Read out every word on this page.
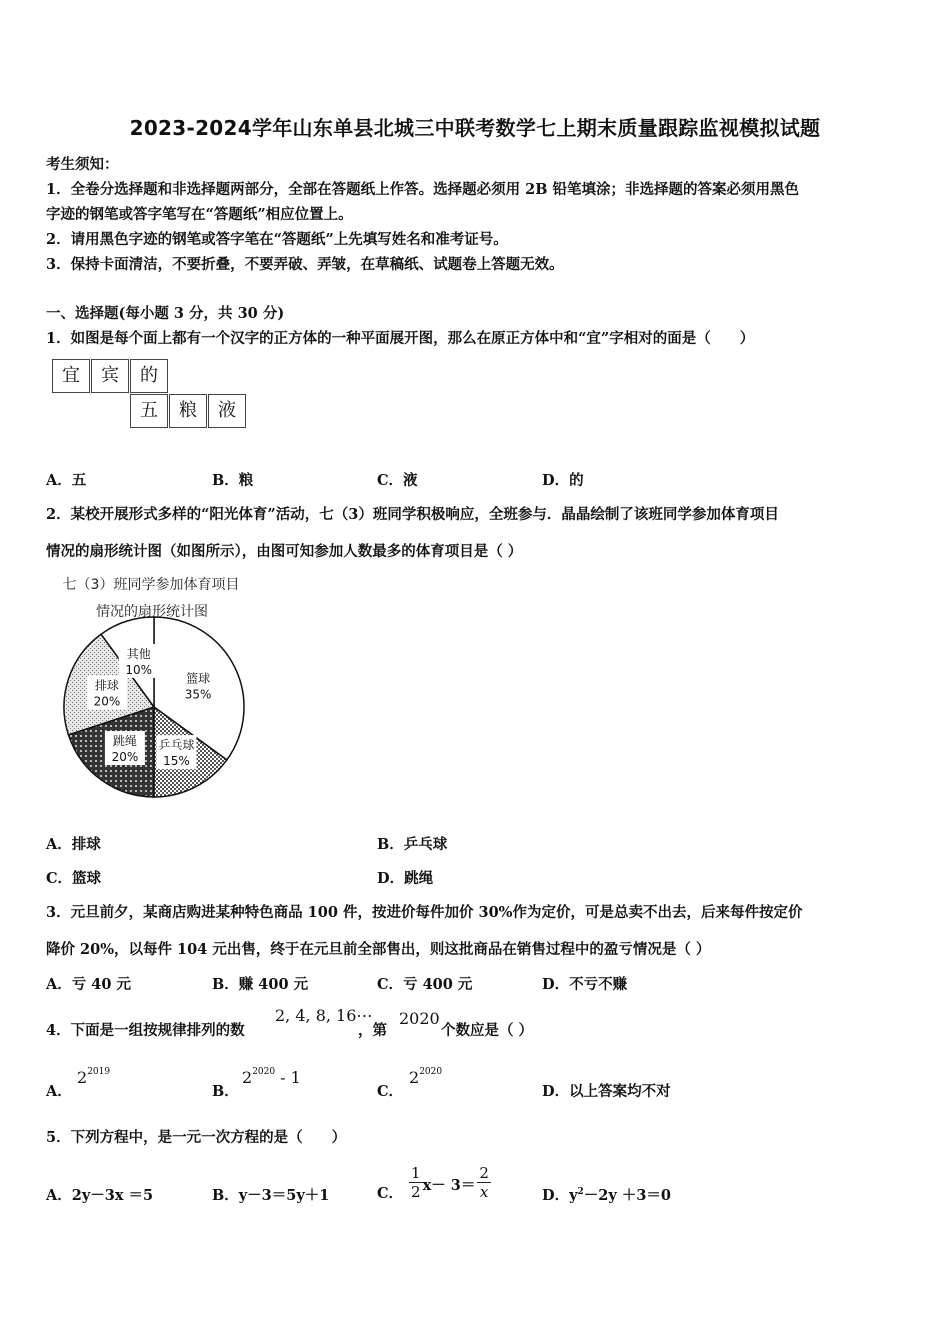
2023-2024学年山东单县北城三中联考数学七上期末质量跟踪监视模拟试题
考生须知：
1．全卷分选择题和非选择题两部分，全部在答题纸上作答。选择题必须用 2B 铅笔填涂；非选择题的答案必须用黑色
字迹的钢笔或答字笔写在“答题纸”相应位置上。
2．请用黑色字迹的钢笔或答字笔在“答题纸”上先填写姓名和准考证号。
3．保持卡面清洁，不要折叠，不要弄破、弄皱，在草稿纸、试题卷上答题无效。
一、选择题(每小题 3 分，共 30 分)
1．如图是每个面上都有一个汉字的正方体的一种平面展开图，那么在原正方体中和“宜”字相对的面是（　　）
宜	宾	的
五	粮	液
A．五	B．粮	C．液	D．的
2．某校开展形式多样的“阳光体育”活动，七（3）班同学积极响应，全班参与．晶晶绘制了该班同学参加体育项目
情况的扇形统计图（如图所示），由图可知参加人数最多的体育项目是（ ）
七（3）班同学参加体育项目
情况的扇形统计图
篮球
35%
乒乓球
15%
跳绳
20%
排球
20%
其他
10%
A．排球	B．乒乓球
C．篮球	D．跳绳
3．元旦前夕，某商店购进某种特色商品 100 件，按进价每件加价 30%作为定价，可是总卖不出去，后来每件按定价
降价 20%，以每件 104 元出售，终于在元旦前全部售出，则这批商品在销售过程中的盈亏情况是（ ）
A．亏 40 元	B．赚 400 元	C．亏 400 元	D．不亏不赚
4．下面是一组按规律排列的数
2, 4, 8, 16⋯
，第
2020
个数应是（ ）
A．
$2^{2019}$
B．
$2^{2020} - 1$
C．
$2^{2020}$
D．以上答案均不对
5．下列方程中，是一元一次方程的是（　　）
A．2y－3x ＝5	B．y－3＝5y＋1	C． $\frac{1}{2} x- 3= \frac{2}{x}$	D．$y^2-2y +3=0$
